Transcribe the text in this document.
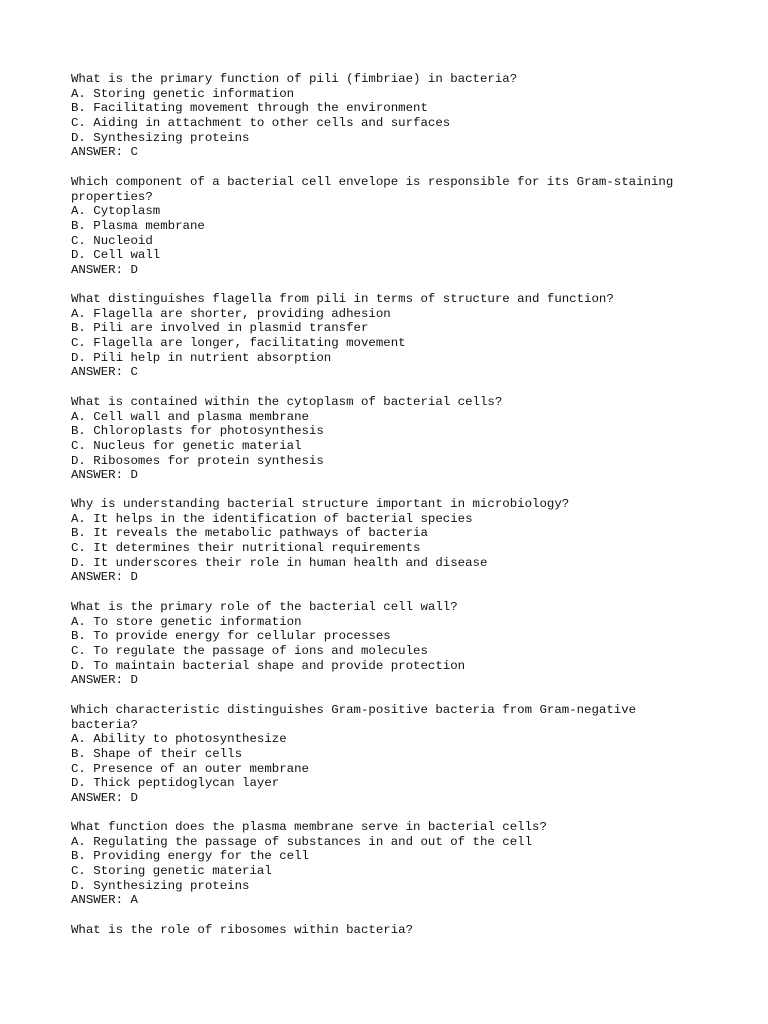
What is the primary function of pili (fimbriae) in bacteria?
A. Storing genetic information
B. Facilitating movement through the environment
C. Aiding in attachment to other cells and surfaces
D. Synthesizing proteins
ANSWER: C
Which component of a bacterial cell envelope is responsible for its Gram-staining
properties?
A. Cytoplasm
B. Plasma membrane
C. Nucleoid
D. Cell wall
ANSWER: D
What distinguishes flagella from pili in terms of structure and function?
A. Flagella are shorter, providing adhesion
B. Pili are involved in plasmid transfer
C. Flagella are longer, facilitating movement
D. Pili help in nutrient absorption
ANSWER: C
What is contained within the cytoplasm of bacterial cells?
A. Cell wall and plasma membrane
B. Chloroplasts for photosynthesis
C. Nucleus for genetic material
D. Ribosomes for protein synthesis
ANSWER: D
Why is understanding bacterial structure important in microbiology?
A. It helps in the identification of bacterial species
B. It reveals the metabolic pathways of bacteria
C. It determines their nutritional requirements
D. It underscores their role in human health and disease
ANSWER: D
What is the primary role of the bacterial cell wall?
A. To store genetic information
B. To provide energy for cellular processes
C. To regulate the passage of ions and molecules
D. To maintain bacterial shape and provide protection
ANSWER: D
Which characteristic distinguishes Gram-positive bacteria from Gram-negative
bacteria?
A. Ability to photosynthesize
B. Shape of their cells
C. Presence of an outer membrane
D. Thick peptidoglycan layer
ANSWER: D
What function does the plasma membrane serve in bacterial cells?
A. Regulating the passage of substances in and out of the cell
B. Providing energy for the cell
C. Storing genetic material
D. Synthesizing proteins
ANSWER: A
What is the role of ribosomes within bacteria?
